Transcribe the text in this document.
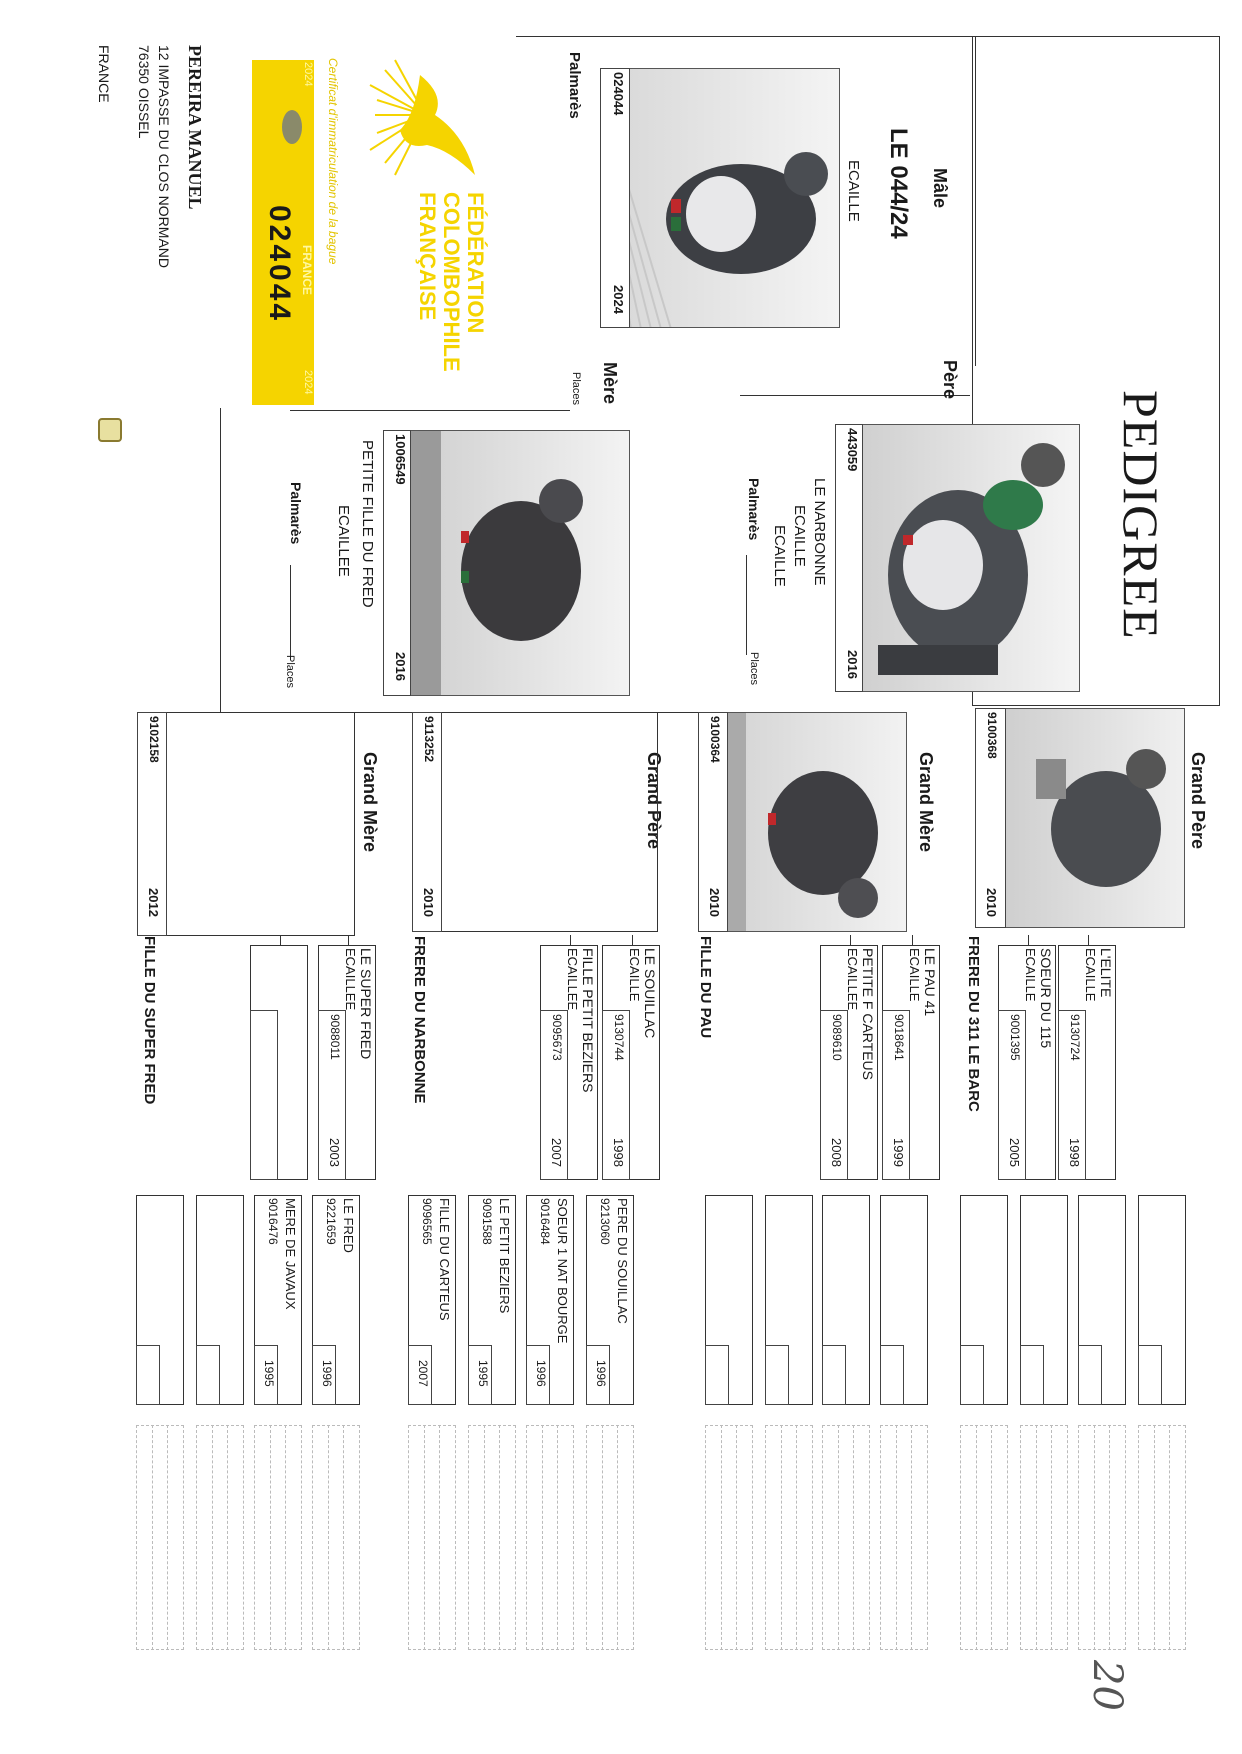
024044
2024
2024
FRANCE
Certificat d'immatriculation de la bague	FÉDÉRATION
COLOMBOPHILE
FRANÇAISE
PEREIRA MANUEL
12 IMPASSE DU CLOS NORMAND
76350 OISSEL
FRANCE
Mâle
LE 044/24
ECAILLE
Palmarès 024044
2024
PEDIGREE
Père
443059
2016
LE NARBONNE
ECAILLE
ECAILLE
Palmarès
Places
Mère
Places
1006549
2016
PETITE FILLE DU FRED
ECAILLEE
Palmarès
Places
Grand Père
9100368
2010
FRERE DU 311 LE BARC
Grand Mère
9100364
2010
FILLE DU PAU
Grand Père
9113252
2010
FRERE DU NARBONNE
Grand Mère
9102158
2012
FILLE DU SUPER FRED	L'ELITE
ECAILLE
9130724
1998
SOEUR DU 115
ECAILLE
9001395
2005
LE PAU 41
ECAILLE
9018641
1999
PETITE F CARTEUS
ECAILLEE
9089610
2008
LE SOUILLAC
ECAILLE
9130744
1998
FILLE PETIT BEZIERS
ECAILLEE
9095673
2007
LE SUPER FRED
ECAILLEE
9088011
2003
PERE DU SOUILLAC
9213060
1996
SOEUR 1 NAT BOURGE
9016484
1996
LE PETIT BEZIERS
9091588
1995
FILLE DU CARTEUS
9096565
2007
LE FRED
9221659
1996
MERE DE JAVAUX
9016476
1995
20
